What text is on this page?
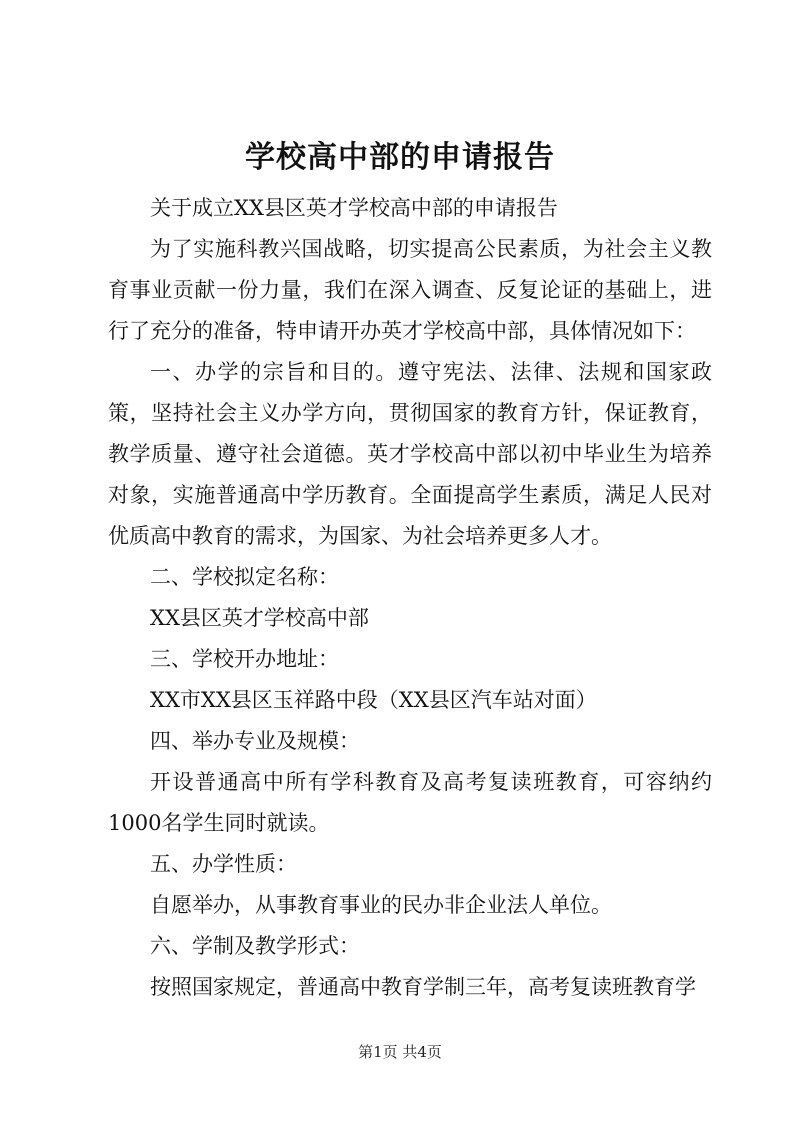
学校高中部的申请报告

关于成立XX县区英才学校高中部的申请报告

为了实施科教兴国战略，切实提高公民素质，为社会主义教育事业贡献一份力量，我们在深入调查、反复论证的基础上，进行了充分的准备，特申请开办英才学校高中部，具体情况如下：

一、办学的宗旨和目的。遵守宪法、法律、法规和国家政策，坚持社会主义办学方向，贯彻国家的教育方针，保证教育，教学质量、遵守社会道德。英才学校高中部以初中毕业生为培养对象，实施普通高中学历教育。全面提高学生素质，满足人民对优质高中教育的需求，为国家、为社会培养更多人才。

二、学校拟定名称：

XX县区英才学校高中部

三、学校开办地址：

XX市XX县区玉祥路中段（XX县区汽车站对面）

四、举办专业及规模：

开设普通高中所有学科教育及高考复读班教育，可容纳约1000名学生同时就读。

五、办学性质：

自愿举办，从事教育事业的民办非企业法人单位。

六、学制及教学形式：

按照国家规定，普通高中教育学制三年，高考复读班教育学

第1页 共4页
